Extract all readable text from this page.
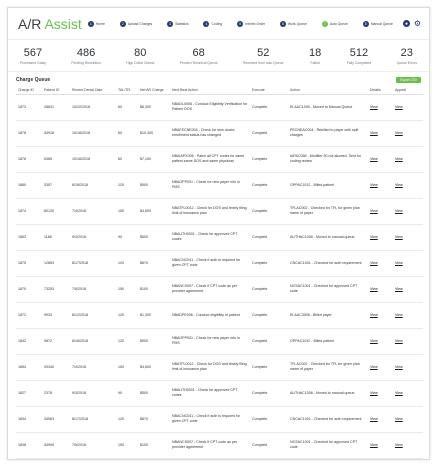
A/R Assist	1	Home	2	Upload Charges	3	Statistics	4	Coding	5	Interim Order	6	Work Queue	7	Auto Queue	8	Manual Queue	● ⚙
567
Processed Today
486
Pending Resolution
80
High Dollar Claims
68
Pended Technical Queue
52
Received from auto Queue
18
Failed
512
Fully Completed
23
Queue Errors
Charge Queue	Export CSV
Charge ID	Patient ID	Recent Denial Date	TAL/TFL	Net AR Charge	Next Best Action	Execute	Action	Details	Appeal
1873	28631	10/22/2018	60	$6,300	NBADL0006 - Conduct Eligibility Verification for Patient DOS	Complete	ELAAC1005 - Moved to Manual Queue	View	View
1878	54918	10/18/2018	60	$10,400	NBAFECNE004 - Check for new doctor enrollment status has changed	Complete	PECNEAC004 - Rebilled to payer with split charges	View	View
1876	5365	10/18/2018	60	$7,100	NBAIAPX006 - Patch all CPT codes for same patient same DOS and same physician	Complete	IAPAC056 - Modifier 50 not allowed. Sent for coding review	View	View
1860	3357	8/18/2018	120	$900	NBAOPP001 - Check for new payer info in PMS	Complete	OPPAC1012 - Billed patient	View	View
1874	80125	7/4/2018	150	$4,600	NBATFL0012 - Check for DOS and timely filing limit of insurance plan	Complete	TFLAC002 - Checked for TFL for given plan name of payer	View	View
1863	1186	9/3/2018	90	$500	NBAUTH0001 - Check for approved CPT codes	Complete	AUTHAC1008 - Moved to manual queue	View	View
1875	12853	8/17/2018	120	$870	NBACNC041 - Check if auth is required for given CPT code	Complete	CNCAC1001 - Checked for auth requirement	View	View
1870	73253	7/5/2018	150	$100	NBANCS007 - Check if CPT code as per provider agreement	Complete	NCSAC1001 - Checked for approved CPT code	View	View
1872	9933	8/12/2018	120	$1,300	NBADPE006 - Conduct eligibility of patient	Complete	ELAAC3008 - Billed payer	View	View
1842	9872	8/18/2018	120	$900	NBAOPP001 - Check for new payer info in PMS	Complete	OPPAC1012 - Billed patient	View	View
1854	93340	7/4/2018	150	$4,600	NBATFL0012 - Check for DOS and timely filing limit of insurance plan	Complete	TFLAC002 - Checked for TFL for given plan name of payer	View	View
1827	2378	9/3/2018	90	$500	NBAUTH0001 - Check for approved CPT codes	Complete	AUTHAC1008 - Moved to manual queue	View	View
1834	34563	8/17/2018	120	$870	NBACNC041 - Check if auth is required for given CPT code	Complete	CNCAC1001 - Checked for auth requirement	View	View
1838	54909	7/5/2018	150	$100	NBANCS007 - Check if CPT code as per provider agreement	Complete	NCSAC1001 - Checked for approved CPT code	View	View
